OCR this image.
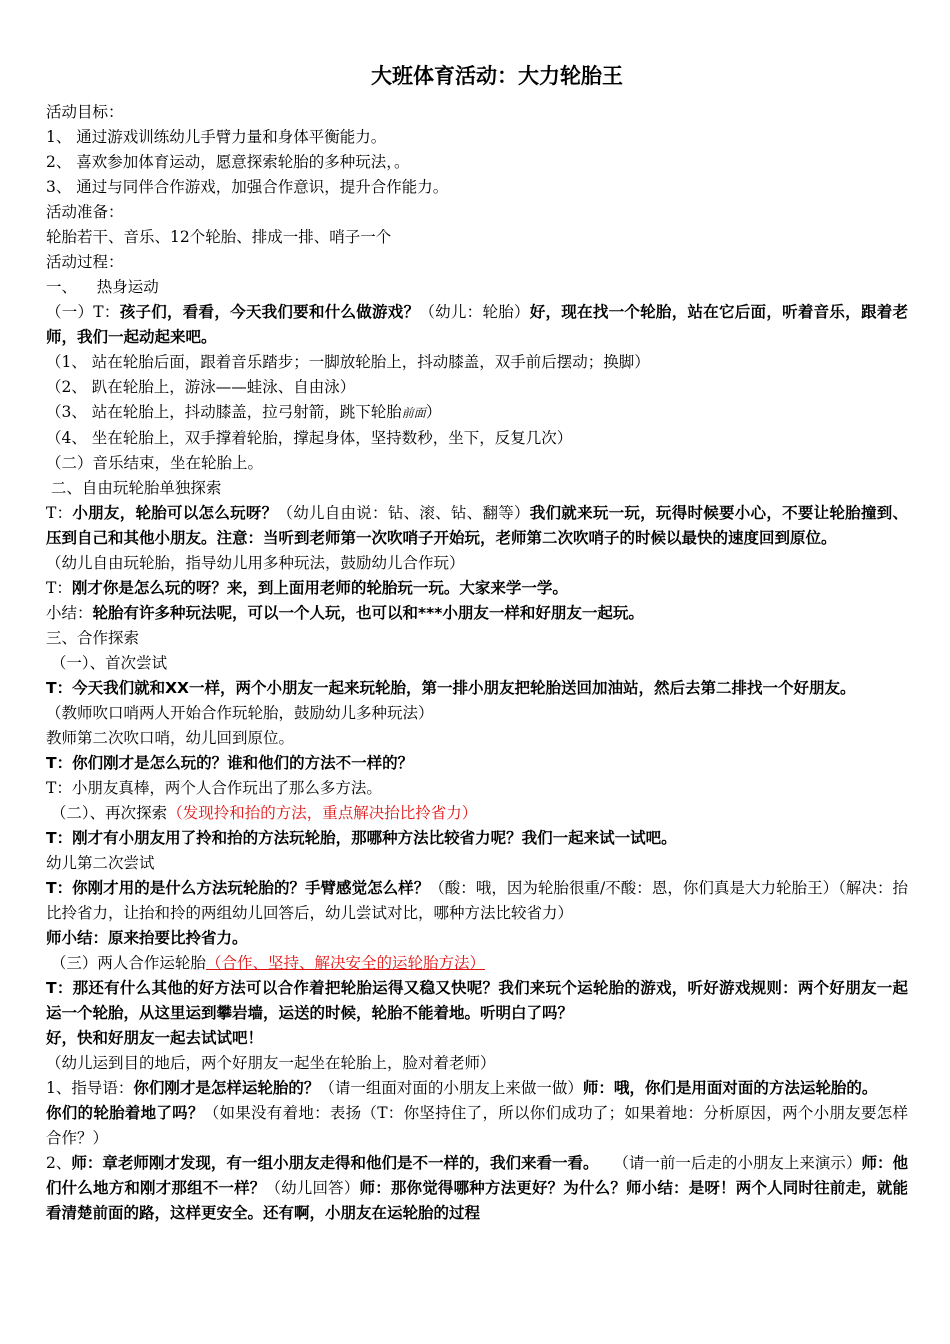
大班体育活动：大力轮胎王
活动目标：
1、 通过游戏训练幼儿手臂力量和身体平衡能力。
2、 喜欢参加体育运动，愿意探索轮胎的多种玩法，。
3、 通过与同伴合作游戏，加强合作意识，提升合作能力。
活动准备：
轮胎若干、音乐、12个轮胎、排成一排、哨子一个
活动过程：
一、    热身运动
（一）T：孩子们，看看，今天我们要和什么做游戏？（幼儿：轮胎）好，现在找一个轮胎，站在它后面，听着音乐，跟着老师，我们一起动起来吧。
（1、 站在轮胎后面，跟着音乐踏步；一脚放轮胎上，抖动膝盖，双手前后摆动；换脚）
（2、 趴在轮胎上，游泳——蛙泳、自由泳）
（3、 站在轮胎上，抖动膝盖，拉弓射箭，跳下轮胎前面）
（4、 坐在轮胎上，双手撑着轮胎，撑起身体，坚持数秒，坐下，反复几次）
（二）音乐结束，坐在轮胎上。
二、自由玩轮胎单独探索
T：小朋友，轮胎可以怎么玩呀？（幼儿自由说：钻、滚、钻、翻等）我们就来玩一玩，玩得时候要小心，不要让轮胎撞到、压到自己和其他小朋友。注意：当听到老师第一次吹哨子开始玩，老师第二次吹哨子的时候以最快的速度回到原位。
（幼儿自由玩轮胎，指导幼儿用多种玩法，鼓励幼儿合作玩）
T：刚才你是怎么玩的呀？来，到上面用老师的轮胎玩一玩。大家来学一学。
小结：轮胎有许多种玩法呢，可以一个人玩，也可以和***小朋友一样和好朋友一起玩。
三、合作探索
（一）、首次尝试
T：今天我们就和XX一样，两个小朋友一起来玩轮胎，第一排小朋友把轮胎送回加油站，然后去第二排找一个好朋友。
（教师吹口哨两人开始合作玩轮胎，鼓励幼儿多种玩法）
教师第二次吹口哨，幼儿回到原位。
T：你们刚才是怎么玩的？谁和他们的方法不一样的？
T：小朋友真棒，两个人合作玩出了那么多方法。
（二）、再次探索（发现拎和抬的方法，重点解决抬比拎省力）
T：刚才有小朋友用了拎和抬的方法玩轮胎，那哪种方法比较省力呢？我们一起来试一试吧。
幼儿第二次尝试
T：你刚才用的是什么方法玩轮胎的？手臂感觉怎么样？（酸：哦，因为轮胎很重/不酸：恩，你们真是大力轮胎王）（解决：抬比拎省力，让抬和拎的两组幼儿回答后，幼儿尝试对比，哪种方法比较省力）
师小结：原来抬要比拎省力。
（三）两人合作运轮胎（合作、坚持、解决安全的运轮胎方法）
T：那还有什么其他的好方法可以合作着把轮胎运得又稳又快呢？我们来玩个运轮胎的游戏，听好游戏规则：两个好朋友一起运一个轮胎，从这里运到攀岩墙，运送的时候，轮胎不能着地。听明白了吗？
好，快和好朋友一起去试试吧！
（幼儿运到目的地后，两个好朋友一起坐在轮胎上，脸对着老师）
1、指导语：你们刚才是怎样运轮胎的？（请一组面对面的小朋友上来做一做）师：哦，你们是用面对面的方法运轮胎的。
你们的轮胎着地了吗？（如果没有着地：表扬（T：你坚持住了，所以你们成功了；如果着地：分析原因，两个小朋友要怎样合作？）
2、师：章老师刚才发现，有一组小朋友走得和他们是不一样的，我们来看一看。   （请一前一后走的小朋友上来演示）师：他们什么地方和刚才那组不一样？（幼儿回答）师：那你觉得哪种方法更好？为什么？师小结：是呀！两个人同时往前走，就能看清楚前面的路，这样更安全。还有啊，小朋友在运轮胎的过程
